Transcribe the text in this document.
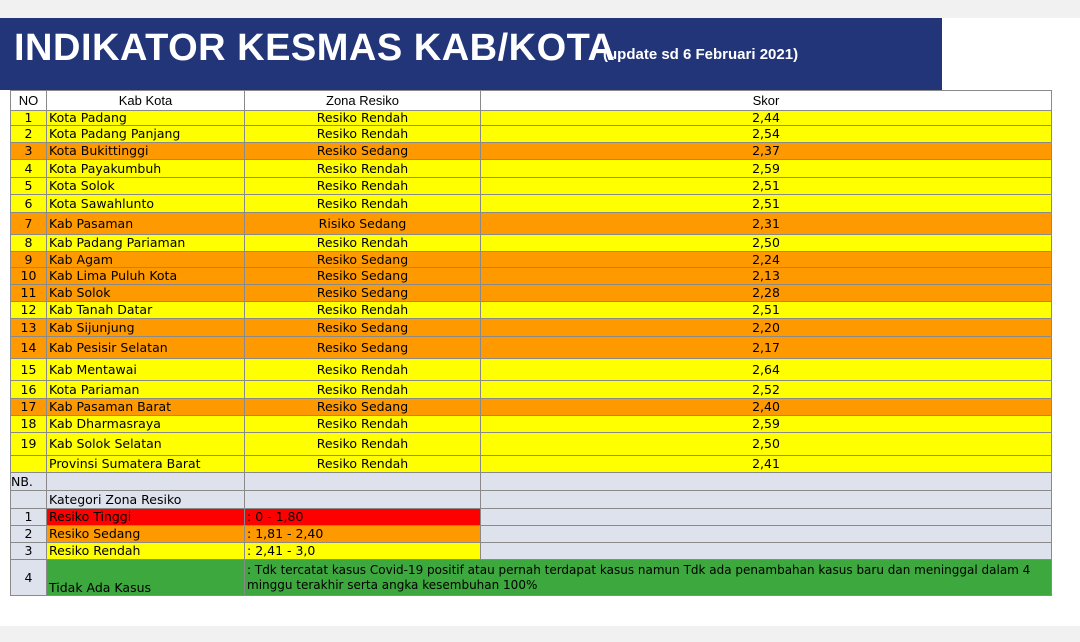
INDIKATOR KESMAS KAB/KOTA
(update sd 6 Februari 2021)
NO	Kab Kota	Zona Resiko	Skor
1	Kota Padang	Resiko Rendah	2,44
2	Kota Padang Panjang	Resiko Rendah	2,54
3	Kota Bukittinggi	Resiko Sedang	2,37
4	Kota Payakumbuh	Resiko Rendah	2,59
5	Kota Solok	Resiko Rendah	2,51
6	Kota Sawahlunto	Resiko Rendah	2,51
7	Kab Pasaman	Risiko Sedang	2,31
8	Kab Padang Pariaman	Resiko Rendah	2,50
9	Kab Agam	Resiko Sedang	2,24
10	Kab Lima Puluh Kota	Resiko Sedang	2,13
11	Kab Solok	Resiko Sedang	2,28
12	Kab Tanah Datar	Resiko Rendah	2,51
13	Kab Sijunjung	Resiko Sedang	2,20
14	Kab Pesisir Selatan	Resiko Sedang	2,17
15	Kab Mentawai	Resiko Rendah	2,64
16	Kota Pariaman	Resiko Rendah	2,52
17	Kab Pasaman Barat	Resiko Sedang	2,40
18	Kab Dharmasraya	Resiko Rendah	2,59
19	Kab Solok Selatan	Resiko Rendah	2,50
	Provinsi Sumatera Barat	Resiko Rendah	2,41
NB.			
	Kategori Zona Resiko		
1	Resiko Tinggi	: 0 - 1,80	
2	Resiko Sedang	: 1,81 - 2,40	
3	Resiko Rendah	: 2,41 - 3,0	
4	Tidak Ada Kasus	: Tdk tercatat kasus Covid-19 positif atau pernah terdapat kasus namun Tdk ada penambahan kasus baru dan meninggal dalam 4 minggu terakhir serta angka kesembuhan 100%	
